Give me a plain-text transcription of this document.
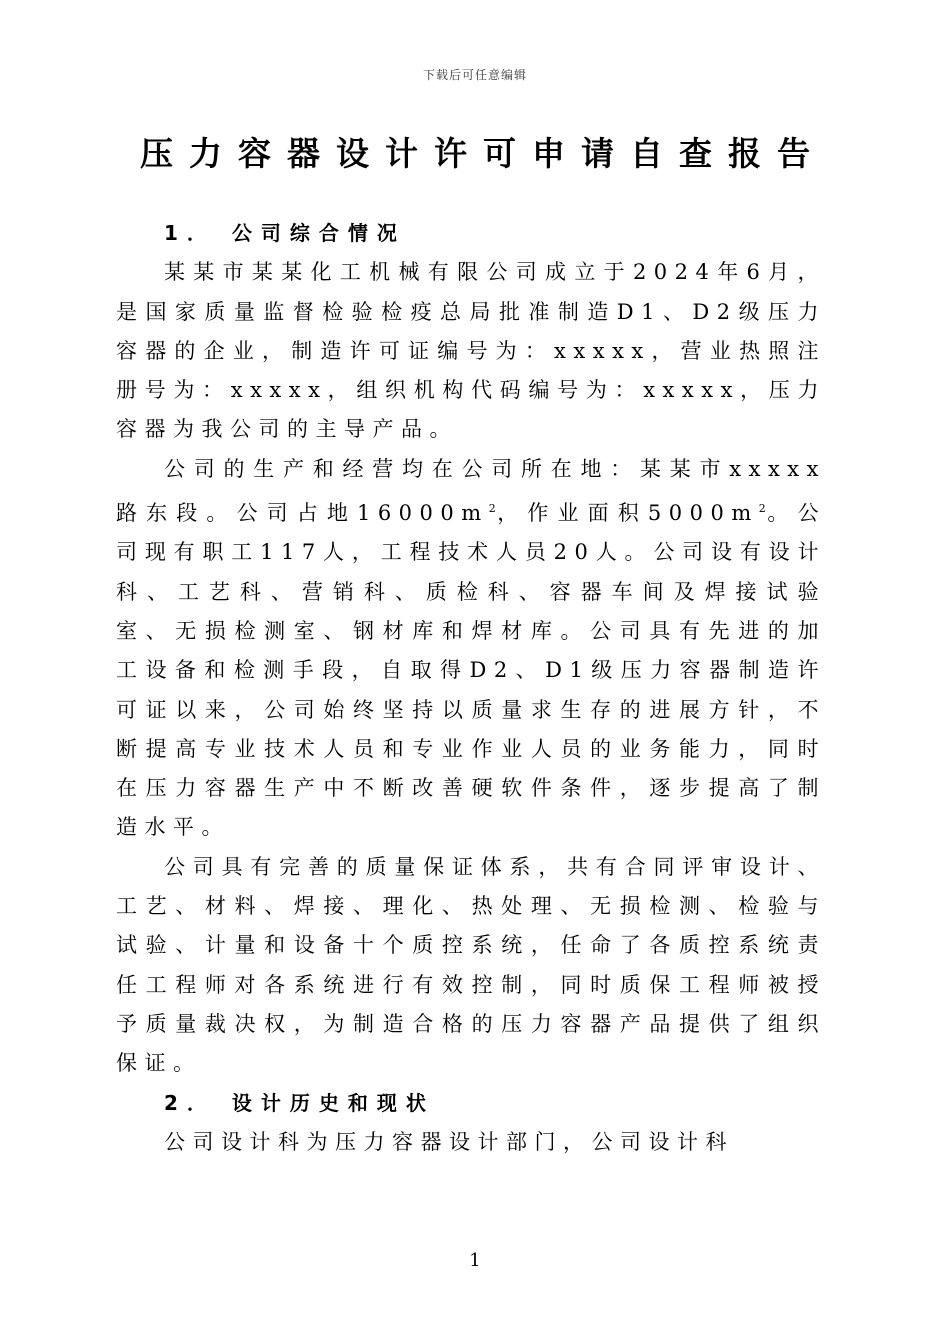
下载后可任意编辑
压力容器设计许可申请自查报告

1． 公司综合情况

某某市某某化工机械有限公司成立于2024年6月，是国家质量监督检验检疫总局批准制造D1、D2级压力容器的企业，制造许可证编号为：xxxxx，营业热照注册号为：xxxxx，组织机构代码编号为：xxxxx，压力容器为我公司的主导产品。

公司的生产和经营均在公司所在地：某某市xxxxx路东段。公司占地$16000m^2$，作业面积$5000m^2$。公司现有职工117人，工程技术人员20人。公司设有设计科、工艺科、营销科、质检科、容器车间及焊接试验室、无损检测室、钢材库和焊材库。公司具有先进的加工设备和检测手段，自取得D2、D1级压力容器制造许可证以来，公司始终坚持以质量求生存的进展方针，不断提高专业技术人员和专业作业人员的业务能力，同时在压力容器生产中不断改善硬软件条件，逐步提高了制造水平。

公司具有完善的质量保证体系，共有合同评审设计、工艺、材料、焊接、理化、热处理、无损检测、检验与试验、计量和设备十个质控系统，任命了各质控系统责任工程师对各系统进行有效控制，同时质保工程师被授予质量裁决权，为制造合格的压力容器产品提供了组织保证。

2． 设计历史和现状

公司设计科为压力容器设计部门，公司设计科

1
